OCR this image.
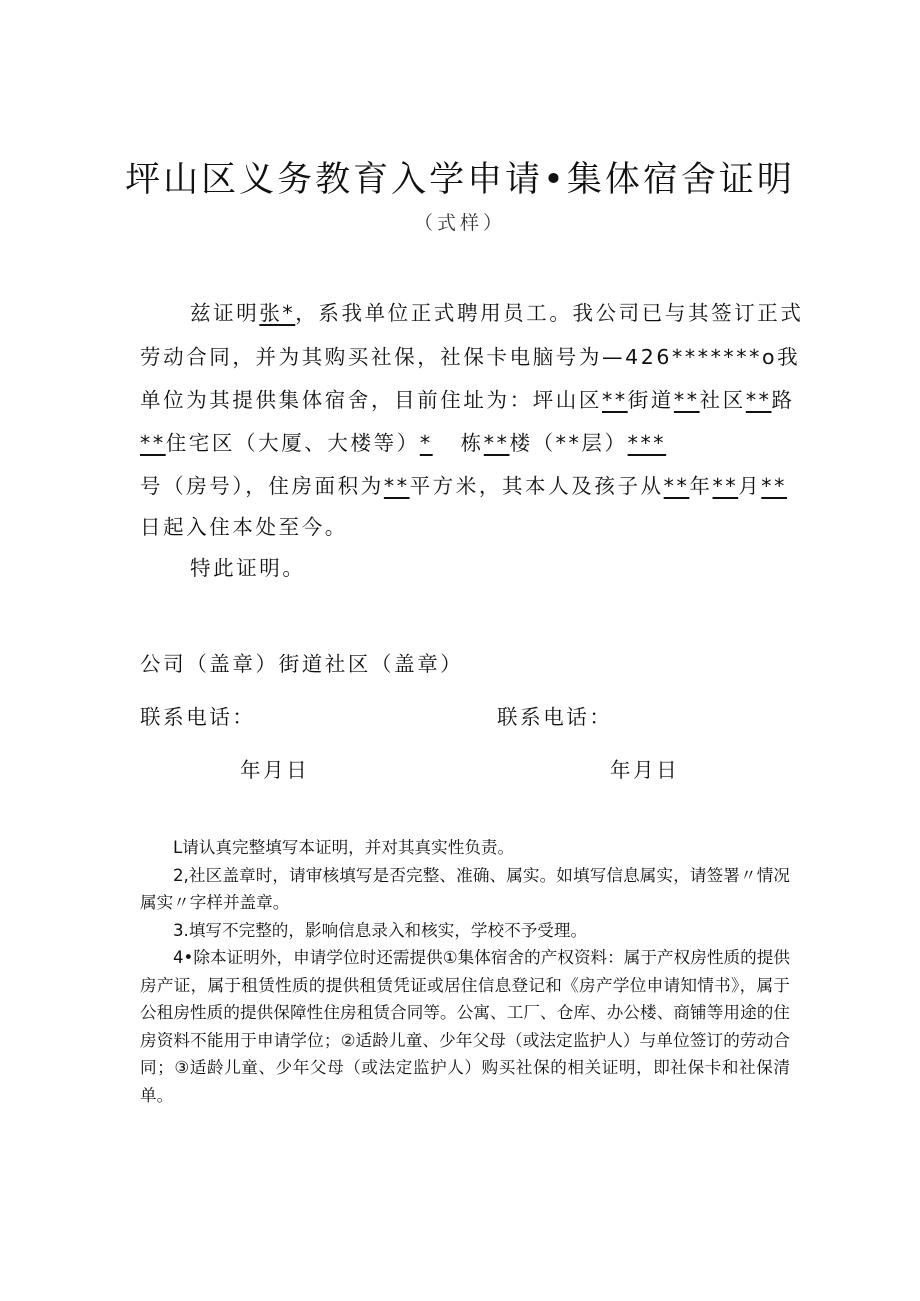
坪山区义务教育入学申请•集体宿舍证明
（式样）
兹证明张*，系我单位正式聘用员工。我公司已与其签订正式
劳动合同，并为其购买社保，社保卡电脑号为—426*******o我
单位为其提供集体宿舍，目前住址为：坪山区**街道**社区**路
**住宅区（大厦、大楼等）* 栋**楼（**层）***
号（房号），住房面积为**平方米，其本人及孩子从**年**月**
日起入住本处至今。
特此证明。
公司（盖章）街道社区（盖章）
联系电话：	联系电话：
年月日	年月日

L请认真完整填写本证明，并对其真实性负责。

2,社区盖章时，请审核填写是否完整、准确、属实。如填写信息属实，请签署〃情况属实〃字样并盖章。

3.填写不完整的，影响信息录入和核实，学校不予受理。

4•除本证明外，申请学位时还需提供①集体宿舍的产权资料：属于产权房性质的提供房产证，属于租赁性质的提供租赁凭证或居住信息登记和《房产学位申请知情书》，属于公租房性质的提供保障性住房租赁合同等。公寓、工厂、仓库、办公楼、商铺等用途的住房资料不能用于申请学位；②适龄儿童、少年父母（或法定监护人）与单位签订的劳动合同；③适龄儿童、少年父母（或法定监护人）购买社保的相关证明，即社保卡和社保清单。
